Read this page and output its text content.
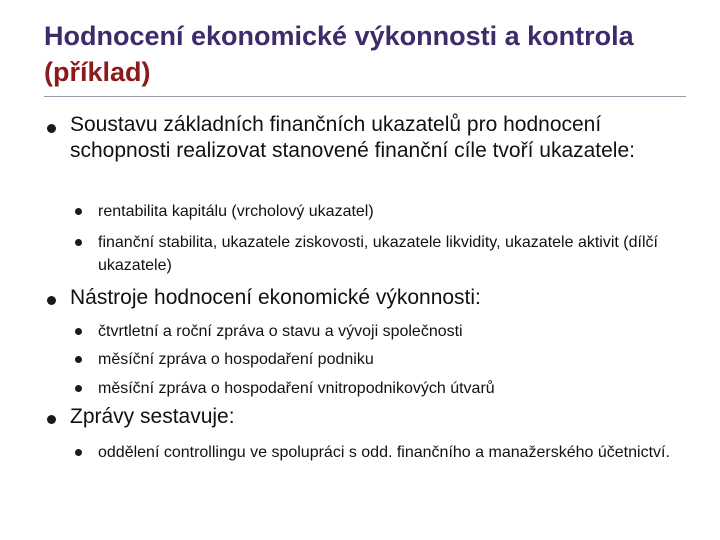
Hodnocení ekonomické výkonnosti a kontrola (příklad)
Soustavu základních finančních ukazatelů pro hodnocení schopnosti realizovat stanovené finanční cíle tvoří ukazatele:
rentabilita kapitálu (vrcholový ukazatel)
finanční stabilita, ukazatele ziskovosti, ukazatele likvidity, ukazatele aktivit (dílčí ukazatele)
Nástroje hodnocení ekonomické výkonnosti:
čtvrtletní a roční zpráva o stavu a vývoji společnosti
měsíční zpráva o hospodaření podniku
měsíční zpráva o hospodaření vnitropodnikových útvarů
Zprávy sestavuje:
oddělení controllingu ve spolupráci s odd. finančního a manažerského účetnictví.
